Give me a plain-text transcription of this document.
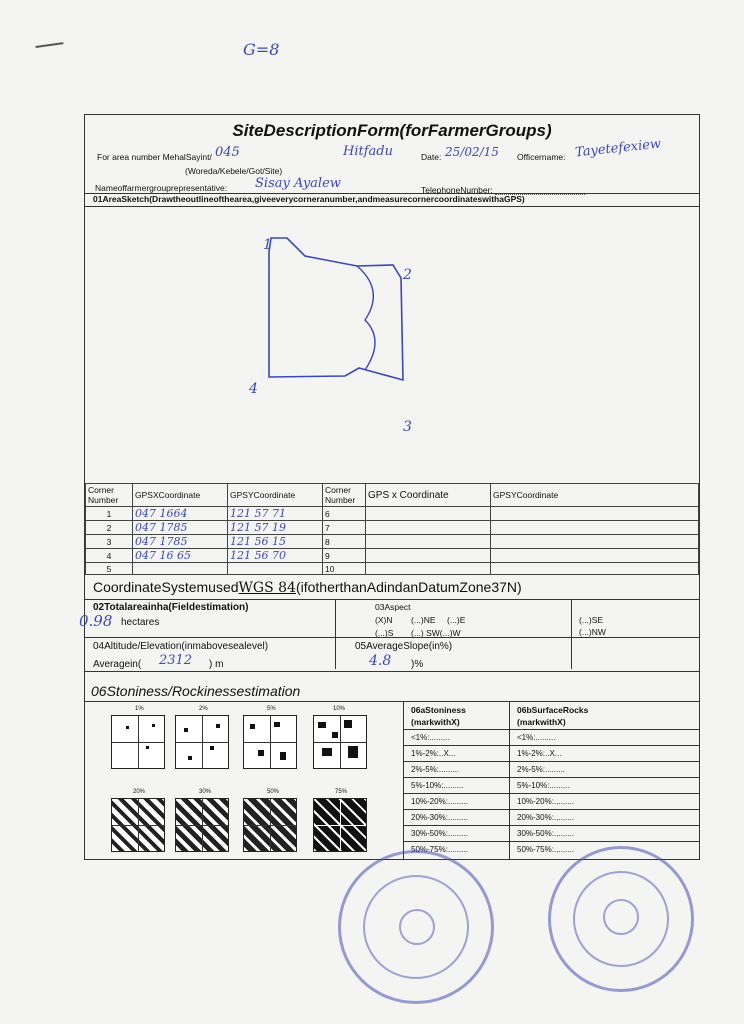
G=8
SiteDescriptionForm(forFarmerGroups)
For area number MehalSayint/ 045	Hitfadu	Date: 25/02/15 Officername: Tayetefexiew
(Woreda/Kebele/Got/Site)
Nameoffarmergrouprepresentative: Sisay Ayalew	TelephoneNumber:
01AreaSketch(Drawtheoutlineofthearea,giveeverycorneranumber,andmeasurecornercoordinateswithaGPS)
1
2
3
4
Corner Number	GPSXCoordinate	GPSYCoordinate	Corner Number	GPS x Coordinate	GPSYCoordinate
1	047 1664	121 57 71	6		
2	047 1785	121 57 19	7		
3	047 1785	121 56 15	8		
4	047 16 65	121 56 70	9		
5			10		
CoordinateSystemusedWGS 84(ifotherthanAdindanDatumZone37N)
02Totalareainha(Fieldestimation)
0.98 hectares
03Aspect
(X)N (...)NE (...)E
(...)S (...) SW(...)W
(...)SE
(...)NW
04Altitude/Elevation(inmabovesealevel)
Averagein( 2312 ) m
05AverageSlope(in%)
4.8 )%
06Stoniness/Rockinessestimation
1%	2%	5%	10%
20%	30%	50%	75%
06aStoniness
(markwithX)
06bSurfaceRocks
(markwithX)
<1%:.........	<1%:.........
1%-2%:..X...	1%-2%:..X...
2%-5%:.........	2%-5%:.........
5%-10%:.........	5%-10%:.........
10%-20%:.........	10%-20%:.........
20%-30%:.........	20%-30%:.........
30%-50%:.........	30%-50%:.........
50%-75%:.........	50%-75%:.........
